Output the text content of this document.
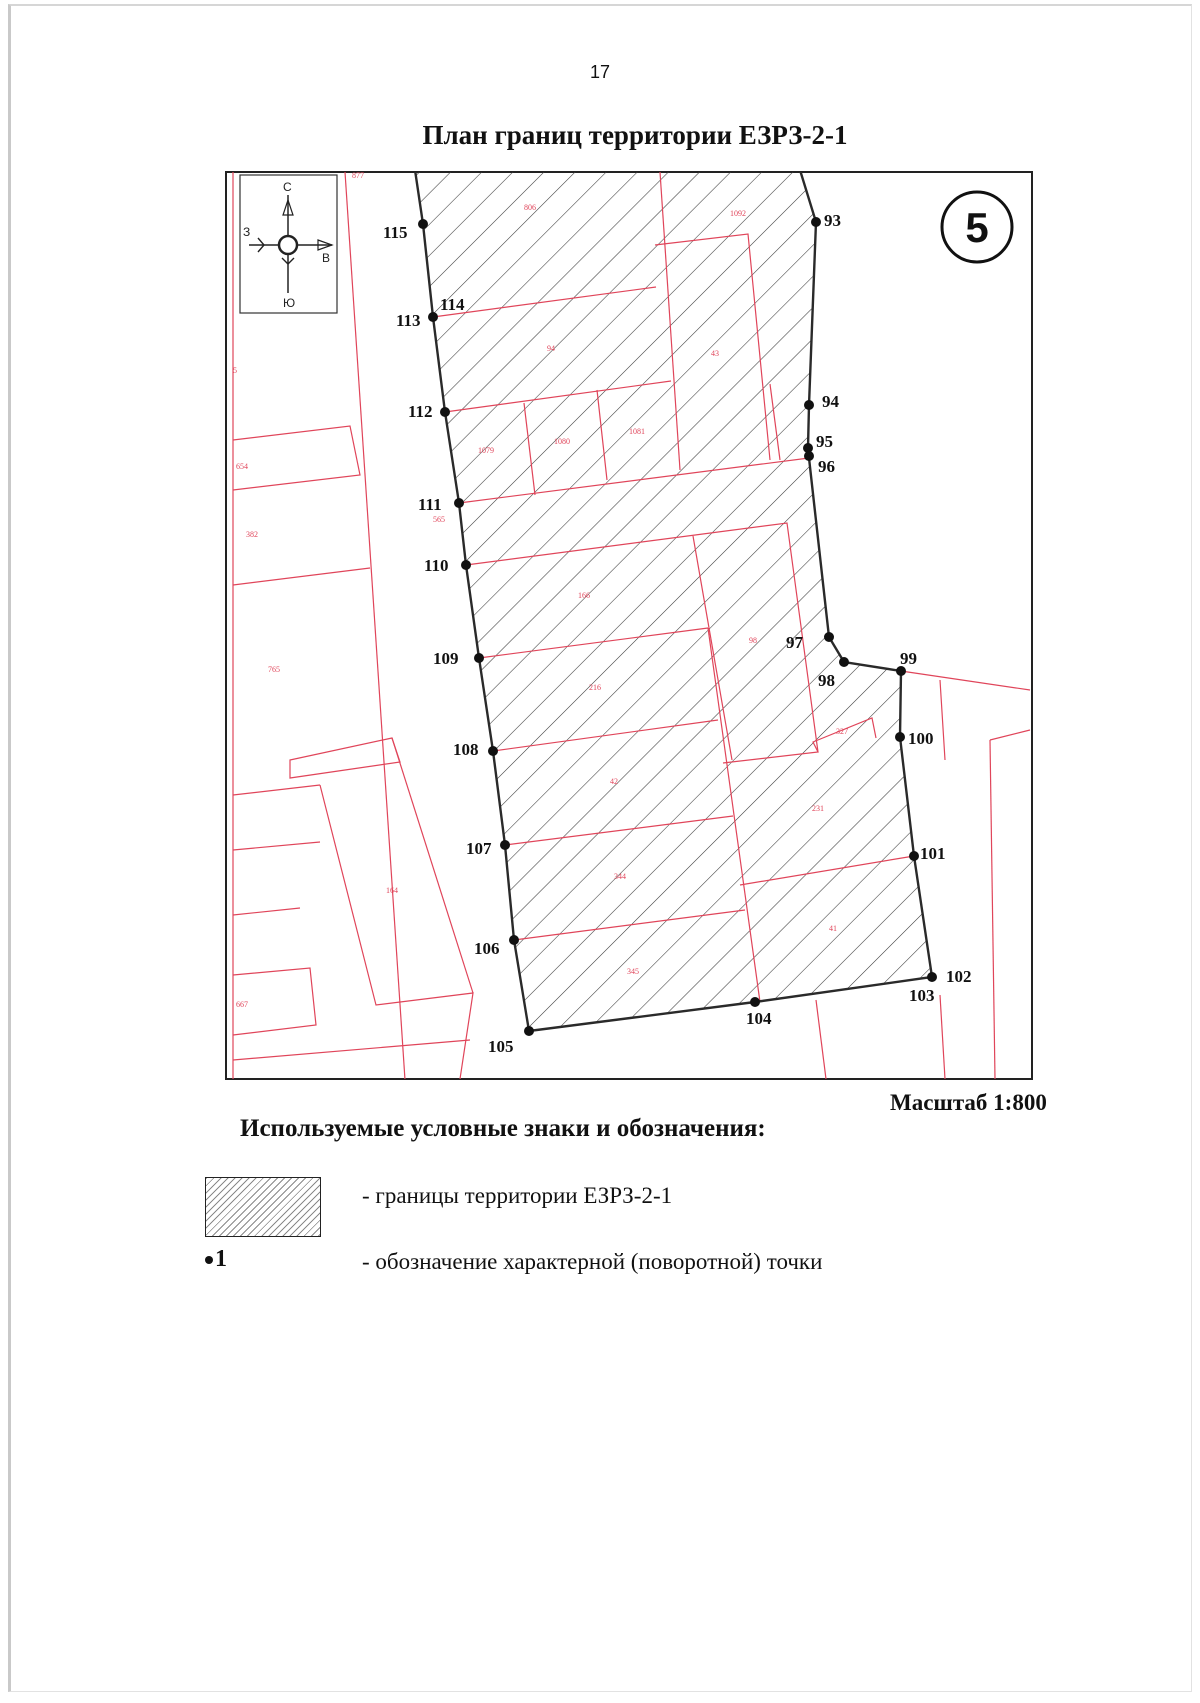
17
План границ территории ЕЗРЗ-2-1
93
94
95
96
97
98
99
100
101
102
103
104
105
106
107
108
109
110
111
112
113
114
115
877
806
1092
94
43
654
382
765
1079
1080
1081
565
166
98
216
327
42
231
164
344
41
345
667
5
С
Ю
З
В
5
Масштаб 1:800
Используемые условные знаки и обозначения:
- границы территории ЕЗРЗ-2-1
1	- обозначение характерной (поворотной) точки
